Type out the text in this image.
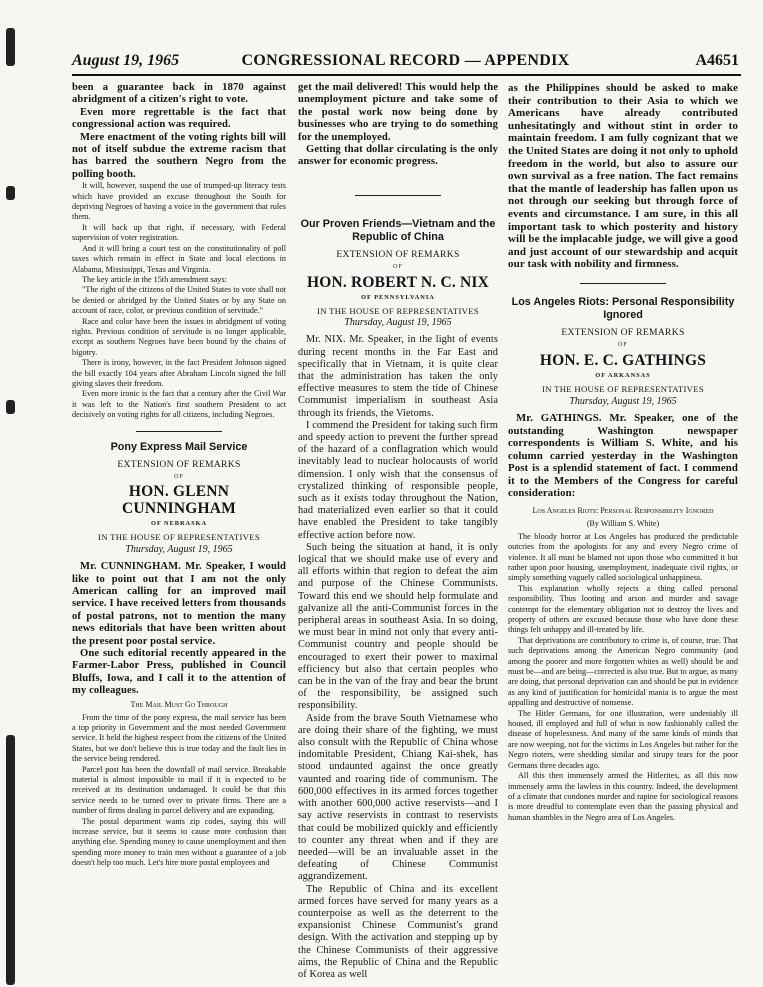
CONGRESSIONAL RECORD — APPENDIX
August 19, 1965	A4651

been a guarantee back in 1870 against abridgment of a citizen's right to vote.

Even more regrettable is the fact that congressional action was required.

Mere enactment of the voting rights bill will not of itself subdue the extreme racism that has barred the southern Negro from the polling booth.

It will, however, suspend the use of trumped-up literacy tests which have provided an excuse throughout the South for depriving Negroes of having a voice in the government that rules them.

It will back up that right, if necessary, with Federal supervision of voter registration.

And it will bring a court test on the constitutionality of poll taxes which remain in effect in State and local elections in Alabama, Mississippi, Texas and Virginia.

The key article in the 15th amendment says:

"The right of the citizens of the United States to vote shall not be denied or abridged by the United States or by any State on account of race, color, or previous condition of servitude."

Race and color have been the issues in abridgment of voting rights. Previous condition of servitude is no longer applicable, except as southern Negroes have been bound by the chains of bigotry.

There is irony, however, in the fact President Johnson signed the bill exactly 104 years after Abraham Lincoln signed the bill giving slaves their freedom.

Even more ironic is the fact that a century after the Civil War it was left to the Nation's first southern President to act decisively on voting rights for all citizens, including Negroes.

Pony Express Mail Service
EXTENSION OF REMARKS
OF
HON. GLENN CUNNINGHAM
OF NEBRASKA
IN THE HOUSE OF REPRESENTATIVES
Thursday, August 19, 1965

Mr. CUNNINGHAM. Mr. Speaker, I would like to point out that I am not the only American calling for an improved mail service. I have received letters from thousands of postal patrons, not to mention the many news editorials that have been written about the present poor postal service.

One such editorial recently appeared in the Farmer-Labor Press, published in Council Bluffs, Iowa, and I call it to the attention of my colleagues.

The Mail Must Go Through

From the time of the pony express, the mail service has been a top priority in Government and the most needed Government service. It held the highest respect from the citizens of the United States, but we don't believe this is true today and the fault lies in the service being rendered.

Parcel post has been the downfall of mail service. Breakable material is almost impossible to mail if it is expected to be received at its destination undamaged. It could be that this service needs to be turned over to private firms. There are a number of firms dealing in parcel delivery and are expanding.

The postal department wants zip codes, saying this will increase service, but it seems to cause more confusion than anything else. Spending money to cause unemployment and then spending more money to train men without a guarantee of a job doesn't help too much. Let's hire more postal employees and

get the mail delivered! This would help the unemployment picture and take some of the postal work now being done by businesses who are trying to do something for the unemployed.

Getting that dollar circulating is the only answer for economic progress.

Our Proven Friends—Vietnam and the Republic of China
EXTENSION OF REMARKS
OF
HON. ROBERT N. C. NIX
OF PENNSYLVANIA
IN THE HOUSE OF REPRESENTATIVES
Thursday, August 19, 1965

Mr. NIX. Mr. Speaker, in the light of events during recent months in the Far East and specifically that in Vietnam, it is quite clear that the administration has taken the only effective measures to stem the tide of Chinese Communist imperialism in southeast Asia through its friends, the Vietoms.

I commend the President for taking such firm and speedy action to prevent the further spread of the hazard of a conflagration which would inevitably lead to nuclear holocausts of world dimension. I only wish that the consensus of crystalized thinking of responsible people, such as it exists today throughout the Nation, had materialized even earlier so that it could have enabled the President to take tangibly effective action before now.

Such being the situation at hand, it is only logical that we should make use of every and all efforts within that region to defeat the aim and purpose of the Chinese Communists. Toward this end we should help formulate and galvanize all the anti-Communist forces in the peripheral areas in southeast Asia. In so doing, we must bear in mind not only that every anti-Communist country and people should be encouraged to exert their power to maximal efficiency but also that certain peoples who can be in the van of the fray and bear the brunt of the responsibility, be assigned such responsibility.

Aside from the brave South Vietnamese who are doing their share of the fighting, we must also consult with the Republic of China whose indomitable President, Chiang Kai-shek, has stood undaunted against the once greatly vaunted and roaring tide of communism. The 600,000 effectives in its armed forces together with another 600,000 active reservists—and I say active reservists in contrast to reservists that could be mobilized quickly and efficiently to counter any threat when and if they are needed—will be an invaluable asset in the defeating of Chinese Communist aggrandizement.

The Republic of China and its excellent armed forces have served for many years as a counterpoise as well as the deterrent to the expansionist Chinese Communist's grand design. With the activation and stepping up by the Chinese Communists of their aggressive aims, the Republic of China and the Republic of Korea as well

as the Philippines should be asked to make their contribution to their Asia to which we Americans have already contributed unhesitatingly and without stint in order to maintain freedom. I am fully cognizant that we the United States are doing it not only to uphold freedom in the world, but also to assure our own survival as a free nation. The fact remains that the mantle of leadership has fallen upon us not through our seeking but through force of events and circumstance. I am sure, in this all important task to which posterity and history will be the implacable judge, we will give a good and just account of our stewardship and acquit our task with nobility and firmness.

Los Angeles Riots: Personal Responsibility Ignored
EXTENSION OF REMARKS
OF
HON. E. C. GATHINGS
OF ARKANSAS
IN THE HOUSE OF REPRESENTATIVES
Thursday, August 19, 1965

Mr. GATHINGS. Mr. Speaker, one of the outstanding Washington newspaper correspondents is William S. White, and his column carried yesterday in the Washington Post is a splendid statement of fact. I commend it to the Members of the Congress for careful consideration:

Los Angeles Riots: Personal Responsibility Ignored
(By William S. White)

The bloody horror at Los Angeles has produced the predictable outcries from the apologists for any and every Negro crime of violence. It all must be blamed not upon those who committed it but rather upon poor housing, unemployment, inadequate civil rights, or simply something vaguely called sociological unhappiness.

This explanation wholly rejects a thing called personal responsibility. Thus looting and arson and murder and savage contempt for the elementary obligation not to destroy the lives and property of others are excused because those who have done these things felt unhappy and ill-treated by life.

That deprivations are contributory to crime is, of course, true. That such deprivations among the American Negro community (and among the poorer and more forgotten whites as well) should be and must be—and are being—corrected is also true. But to argue, as many are doing, that personal deprivation can and should be put in evidence as any kind of justification for homicidal mania is to argue the most appalling and destructive of nonsense.

The Hitler Germans, for one illustration, were undeniably ill housed, ill employed and full of what is now fashionably called the disease of hopelessness. And many of the same kinds of minds that are now weeping, not for the victims in Los Angeles but rather for the Negro rioters, were shedding similar and sirupy tears for the poor Germans three decades ago.

All this then immensely armed the Hitlerites, as all this now immensely arms the lawless in this country. Indeed, the development of a climate that condones murder and rapine for sociological reasons is more dreadful to contemplate even than the passing physical and human shambles in the Negro area of Los Angeles.
